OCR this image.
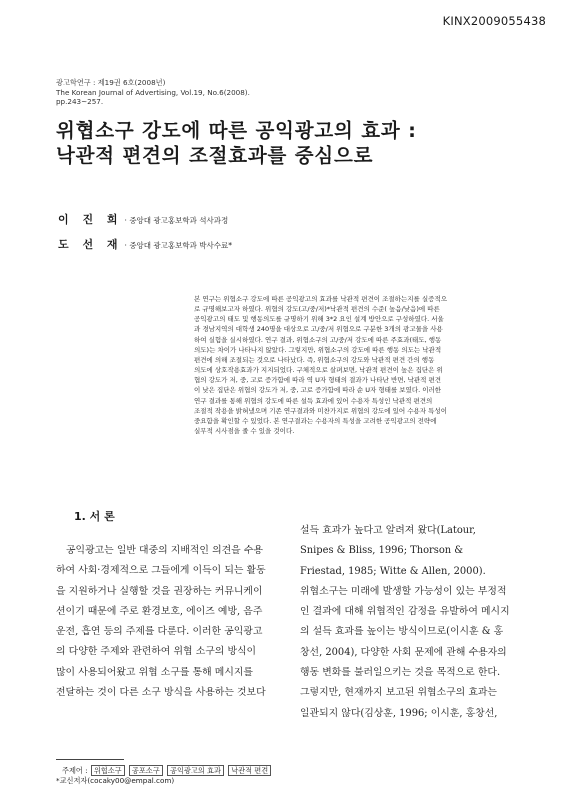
KINX2009055438
광고학연구 : 제19권 6호(2008년)
The Korean Journal of Advertising, Vol.19, No.6(2008).
pp.243~257.
위협소구 강도에 따른 공익광고의 효과 :
낙관적 편견의 조절효과를 중심으로
이 진 희 · 중앙대 광고홍보학과 석사과정
도 선 재 · 중앙대 광고홍보학과 박사수료*
본 연구는 위협소구 강도에 따른 공익광고의 효과를 낙관적 편견이 조절하는지를 실증적으
로 규명해보고자 하였다. 위협의 강도(고/중/저)*낙관적 편견의 수준( 높음/낮음)에 따른
공익광고의 태도 및 행동의도를 규명하기 위해 3*2 요인 설계 방안으로 구성하였다. 서울
과 경남지역의 대학생 240명을 대상으로 고/중/저 위협으로 구분한 3개의 광고물을 사용
하여 실험을 실시하였다. 연구 결과, 위협소구의 고/중/저 강도에 따른 주효과(태도, 행동
의도)는 차이가 나타나지 않았다. 그렇지만, 위협소구의 강도에 따른 행동 의도는 낙관적
편견에 의해 조절되는 것으로 나타났다. 즉, 위협소구의 강도와 낙관적 편견 간의 행동
의도에 상호작용효과가 지지되었다. 구체적으로 살펴보면, 낙관적 편견이 높은 집단은 위
협의 강도가 저, 중, 고로 증가함에 따라 역 U자 형태의 결과가 나타난 반면, 낙관적 편견
이 낮은 집단은 위협의 강도가 저, 중, 고로 증가함에 따라 순 U자 형태를 보였다. 이러한
연구 결과를 통해 위협의 강도에 따른 설득 효과에 있어 수용자 특성인 낙관적 편견의
조절적 작용을 밝혀냈으며 기존 연구결과와 미찬가지로 위협의 강도에 있어 수용자 특성이
중요함을 확인할 수 있었다. 본 연구결과는 수용자의 특성을 고려한 공익광고의 전략에
실무적 시사점을 줄 수 있을 것이다.
1. 서 론
공익광고는 일반 대중의 지배적인 의견을 수용
하여 사회·경제적으로 그들에게 이득이 되는 활동
을 지원하거나 실행할 것을 권장하는 커뮤니케이
션이기 때문에 주로 환경보호, 에이즈 예방, 음주
운전, 흡연 등의 주제를 다룬다. 이러한 공익광고
의 다양한 주제와 관련하여 위협 소구의 방식이
많이 사용되어왔고 위협 소구를 통해 메시지를
전달하는 것이 다른 소구 방식을 사용하는 것보다
설득 효과가 높다고 알려져 왔다(Latour,
Snipes & Bliss, 1996; Thorson &
Friestad, 1985; Witte & Allen, 2000).
위협소구는 미래에 발생할 가능성이 있는 부정적
인 결과에 대해 위협적인 감정을 유발하여 메시지
의 설득 효과를 높이는 방식이므로(이시훈 & 홍
창선, 2004), 다양한 사회 문제에 관해 수용자의
행동 변화를 불러일으키는 것을 목적으로 한다.
그렇지만, 현재까지 보고된 위협소구의 효과는
일관되지 않다(김상훈, 1996; 이시훈, 홍창선,
주제어 : 위협소구 공포소구 공익광고의 효과 낙관적 편견
*교신저자(cocaky00@empal.com)
